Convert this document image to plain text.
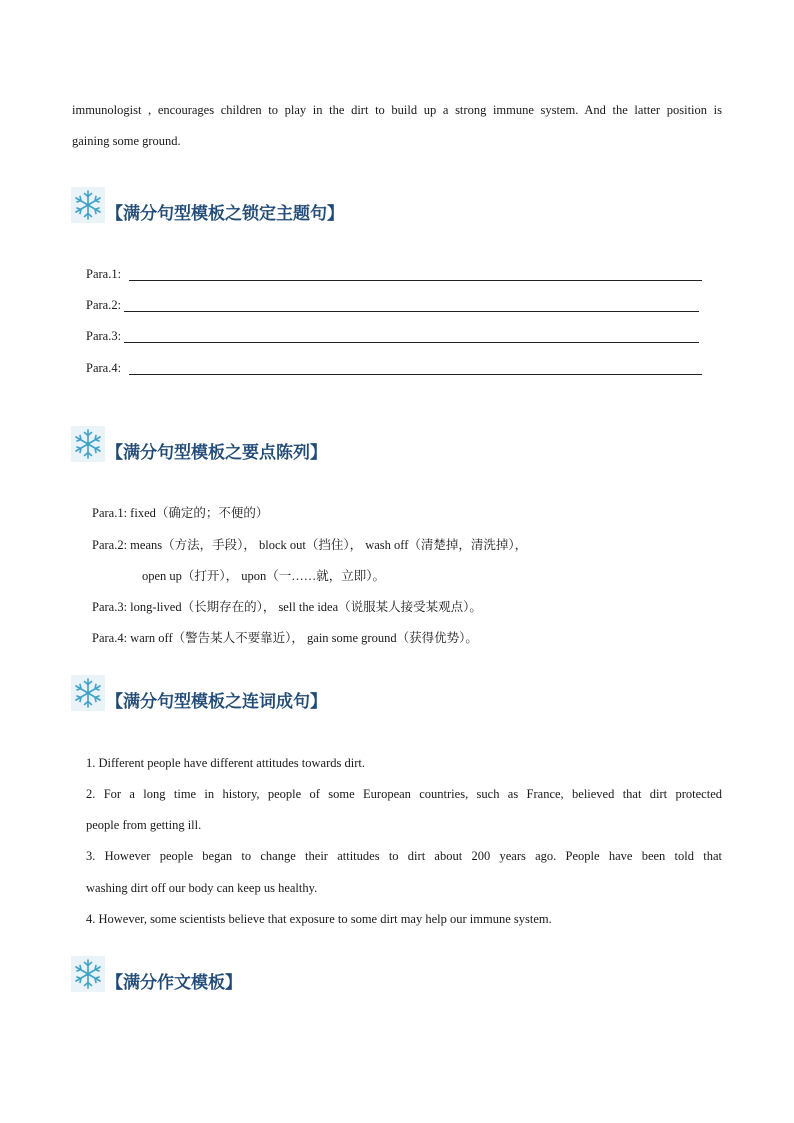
immunologist , encourages children to play in the dirt to build up a strong immune system. And the latter position is
gaining some ground.
【满分句型模板之锁定主题句】
Para.1:
Para.2:
Para.3:
Para.4:
【满分句型模板之要点陈列】
Para.1: fixed（确定的；不便的）
Para.2: means（方法，手段）， block out（挡住）， wash off（清楚掉，清洗掉），
open up（打开）， upon（一……就，立即）。
Para.3: long-lived（长期存在的）， sell the idea（说服某人接受某观点）。
Para.4: warn off（警告某人不要靠近）， gain some ground（获得优势）。
【满分句型模板之连词成句】
1. Different people have different attitudes towards dirt.
2. For a long time in history, people of some European countries, such as France, believed that dirt protected
people from getting ill.
3. However people began to change their attitudes to dirt about 200 years ago. People have been told that
washing dirt off our body can keep us healthy.
4. However, some scientists believe that exposure to some dirt may help our immune system.
【满分作文模板】
